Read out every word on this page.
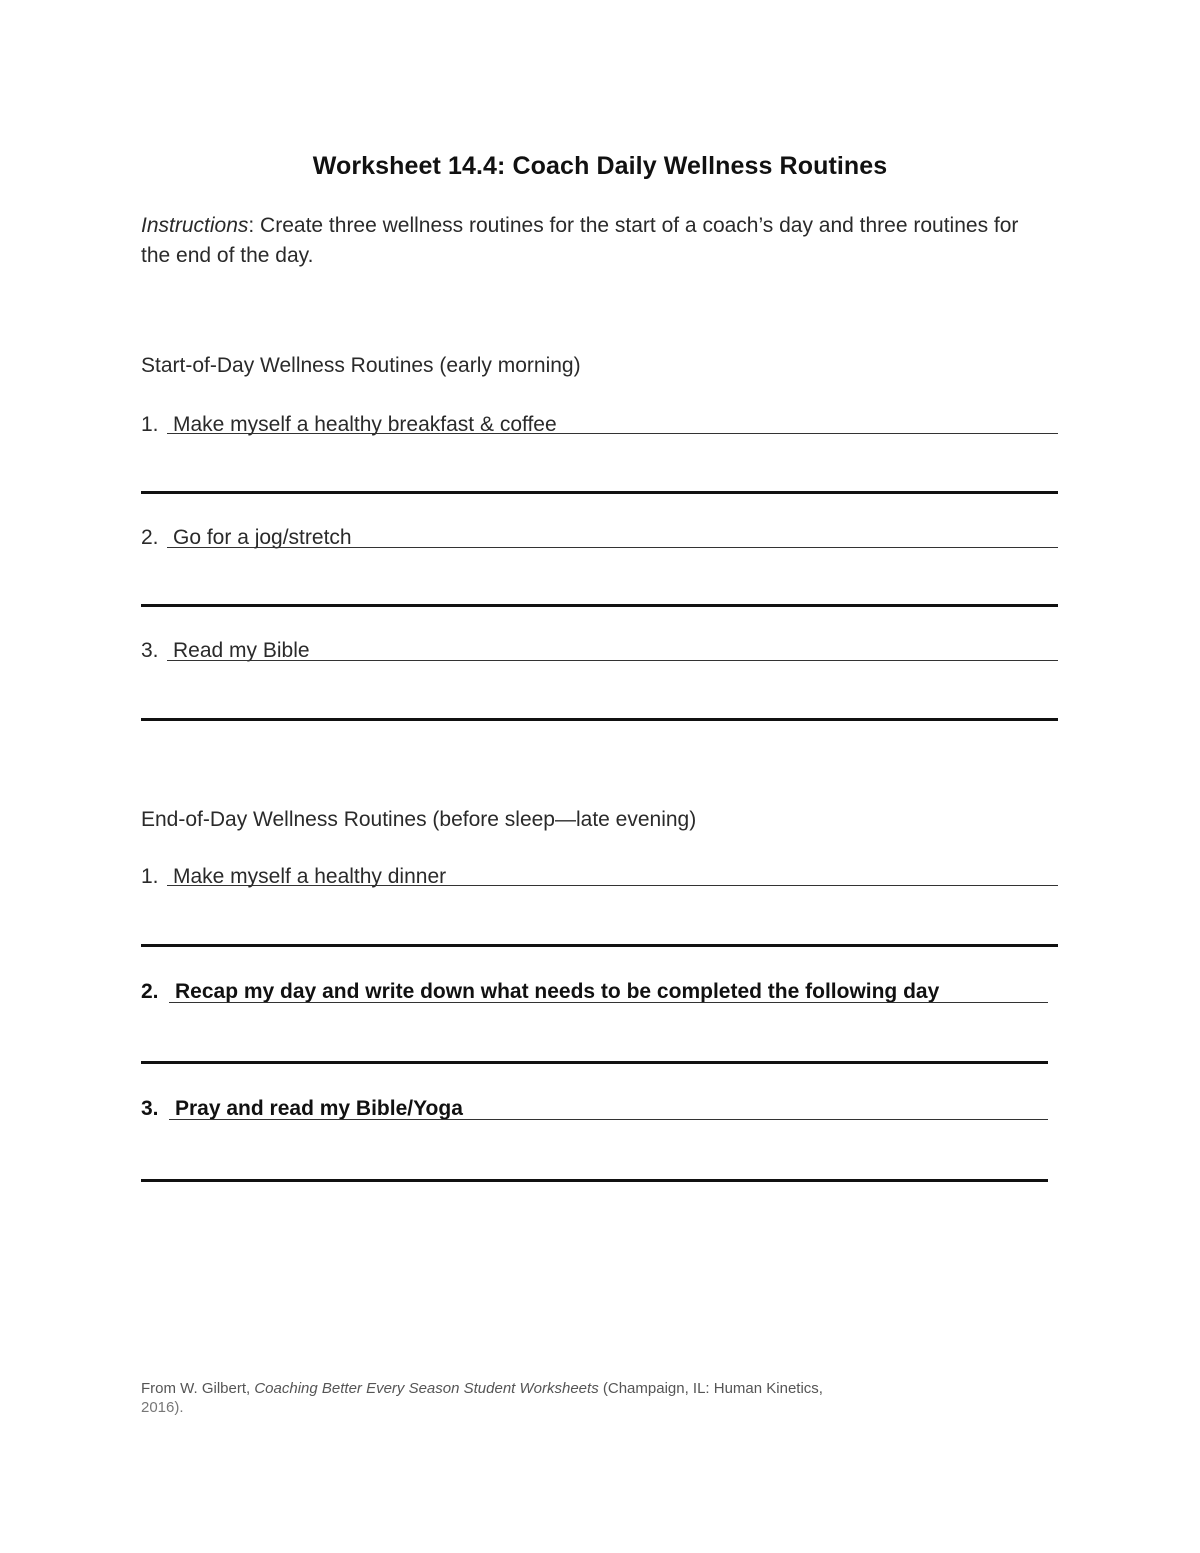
Worksheet 14.4: Coach Daily Wellness Routines
Instructions: Create three wellness routines for the start of a coach’s day and three routines for the end of the day.
Start-of-Day Wellness Routines (early morning)
1. Make myself a healthy breakfast & coffee
2. Go for a jog/stretch
3. Read my Bible
End-of-Day Wellness Routines (before sleep—late evening)
1. Make myself a healthy dinner
2. Recap my day and write down what needs to be completed the following day
3. Pray and read my Bible/Yoga
From W. Gilbert, Coaching Better Every Season Student Worksheets (Champaign, IL: Human Kinetics,
2016).
